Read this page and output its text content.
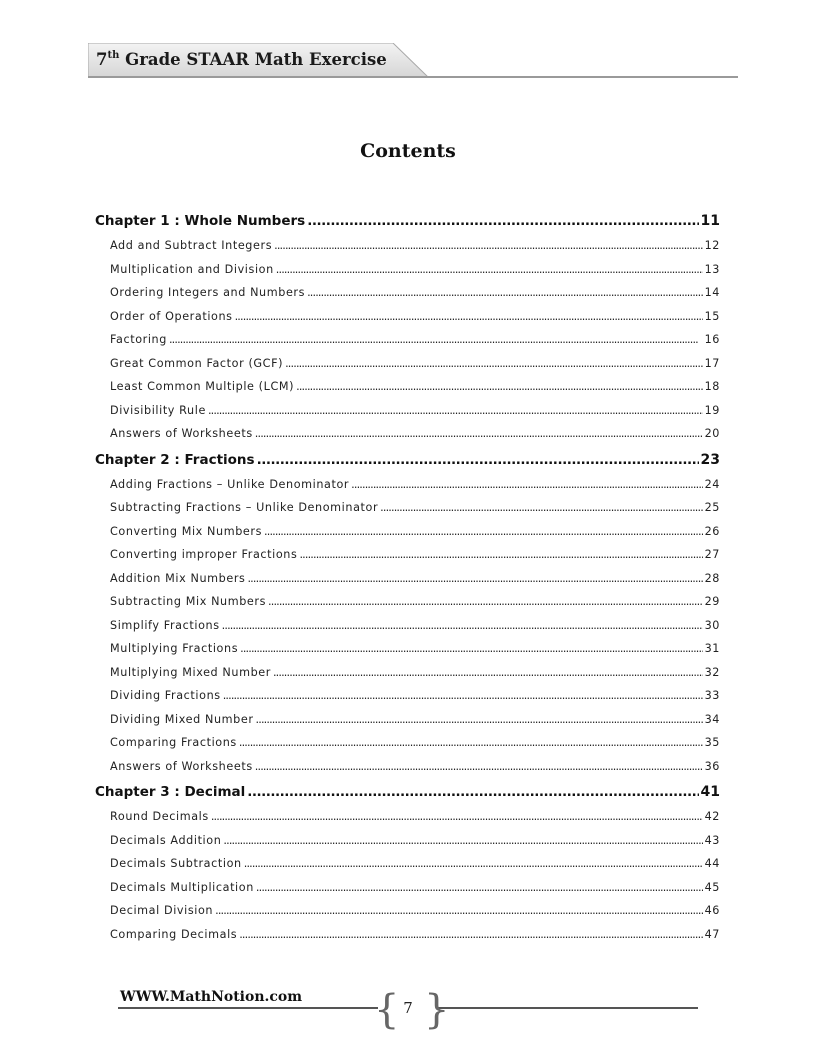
7th Grade STAAR Math Exercise
Contents
Chapter 1 : Whole Numbers . . .	11
Add and Subtract Integers . . .	12
Multiplication and Division . . .	13
Ordering Integers and Numbers . . .	14
Order of Operations . . .	15
Factoring . . .	16
Great Common Factor (GCF) . . .	17
Least Common Multiple (LCM) . . .	18
Divisibility Rule . . .	19
Answers of Worksheets . . .	20
Chapter 2 : Fractions . . .	23
Adding Fractions – Unlike Denominator . . .	24
Subtracting Fractions – Unlike Denominator . . .	25
Converting Mix Numbers . . .	26
Converting improper Fractions . . .	27
Addition Mix Numbers . . .	28
Subtracting Mix Numbers . . .	29
Simplify Fractions . . .	30
Multiplying Fractions . . .	31
Multiplying Mixed Number . . .	32
Dividing Fractions . . .	33
Dividing Mixed Number . . .	34
Comparing Fractions . . .	35
Answers of Worksheets . . .	36
Chapter 3 : Decimal . . .	41
Round Decimals . . .	42
Decimals Addition . . .	43
Decimals Subtraction . . .	44
Decimals Multiplication . . .	45
Decimal Division . . .	46
Comparing Decimals . . .	47
WWW.MathNotion.com { }
7
